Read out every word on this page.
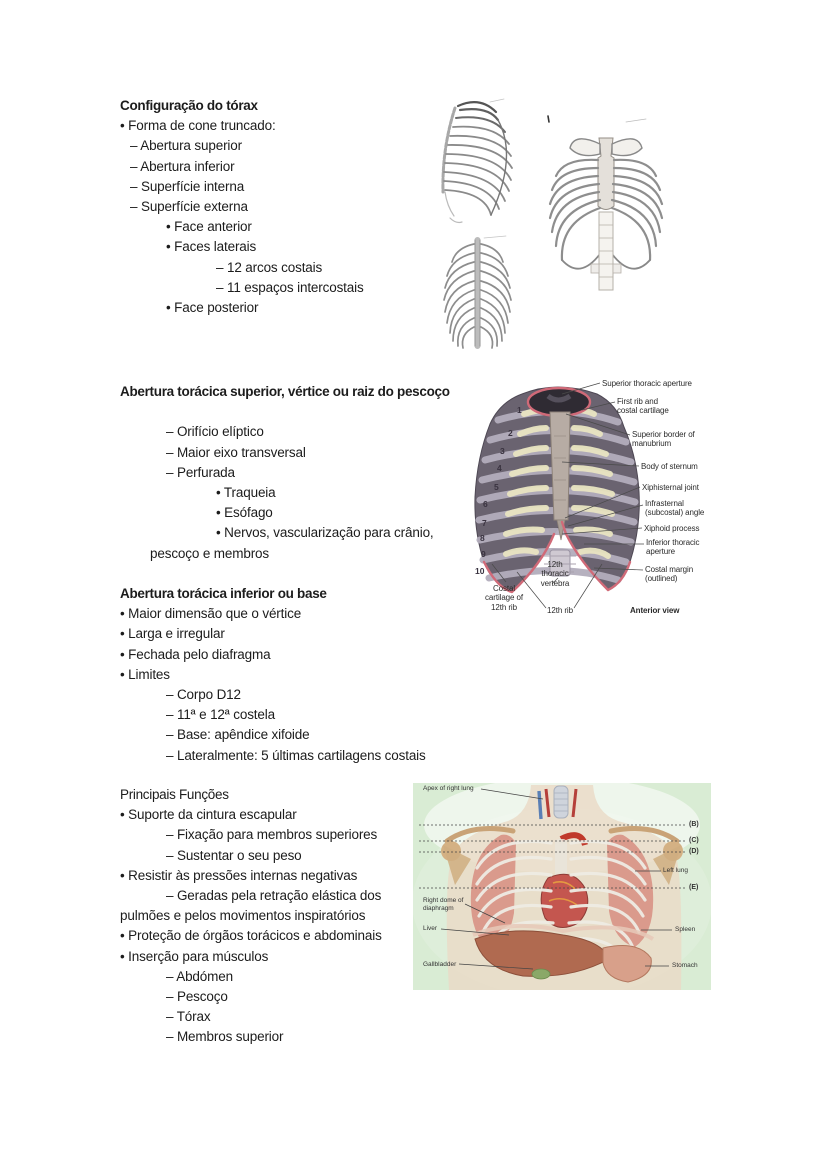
Configuração do tórax
• Forma de cone truncado:
– Abertura superior
– Abertura inferior
– Superfície interna
– Superfície externa
• Face anterior
• Faces laterais
– 12 arcos costais
– 11 espaços intercostais
• Face posterior
Abertura torácica superior, vértice ou raiz do pescoço
– Orifício elíptico
– Maior eixo transversal
– Perfurada
• Traqueia
• Esófago
• Nervos, vascularização para crânio,
pescoço e membros
Abertura torácica inferior ou base
• Maior dimensão que o vértice
• Larga e irregular
• Fechada pelo diafragma
• Limites
– Corpo D12
– 11ª e 12ª costela
– Base: apêndice xifoide
– Lateralmente: 5 últimas cartilagens costais
Principais Funções
• Suporte da cintura escapular
– Fixação para membros superiores
– Sustentar o seu peso
• Resistir às pressões internas negativas
– Geradas pela retração elástica dos
pulmões e pelos movimentos inspiratórios
• Proteção de órgãos torácicos e abdominais
• Inserção para músculos
– Abdómen
– Pescoço
– Tórax
– Membros superior
1
2
3
4
5
6
7
8
9
10
Superior thoracic aperture
First rib and costal cartilage
Superior border of manubrium
Body of sternum
Xiphisternal joint
Infrasternal (subcostal) angle
Xiphoid process
Inferior thoracic aperture
Costal margin (outlined)
Costal cartilage of 12th rib
12th thoracic vertebra
12th rib	Anterior view
Apex of right lung
Left lung
Right dome of diaphragm
Liver
Gallbladder
Spleen
Stomach
(B)
(C)
(D)
(E)
